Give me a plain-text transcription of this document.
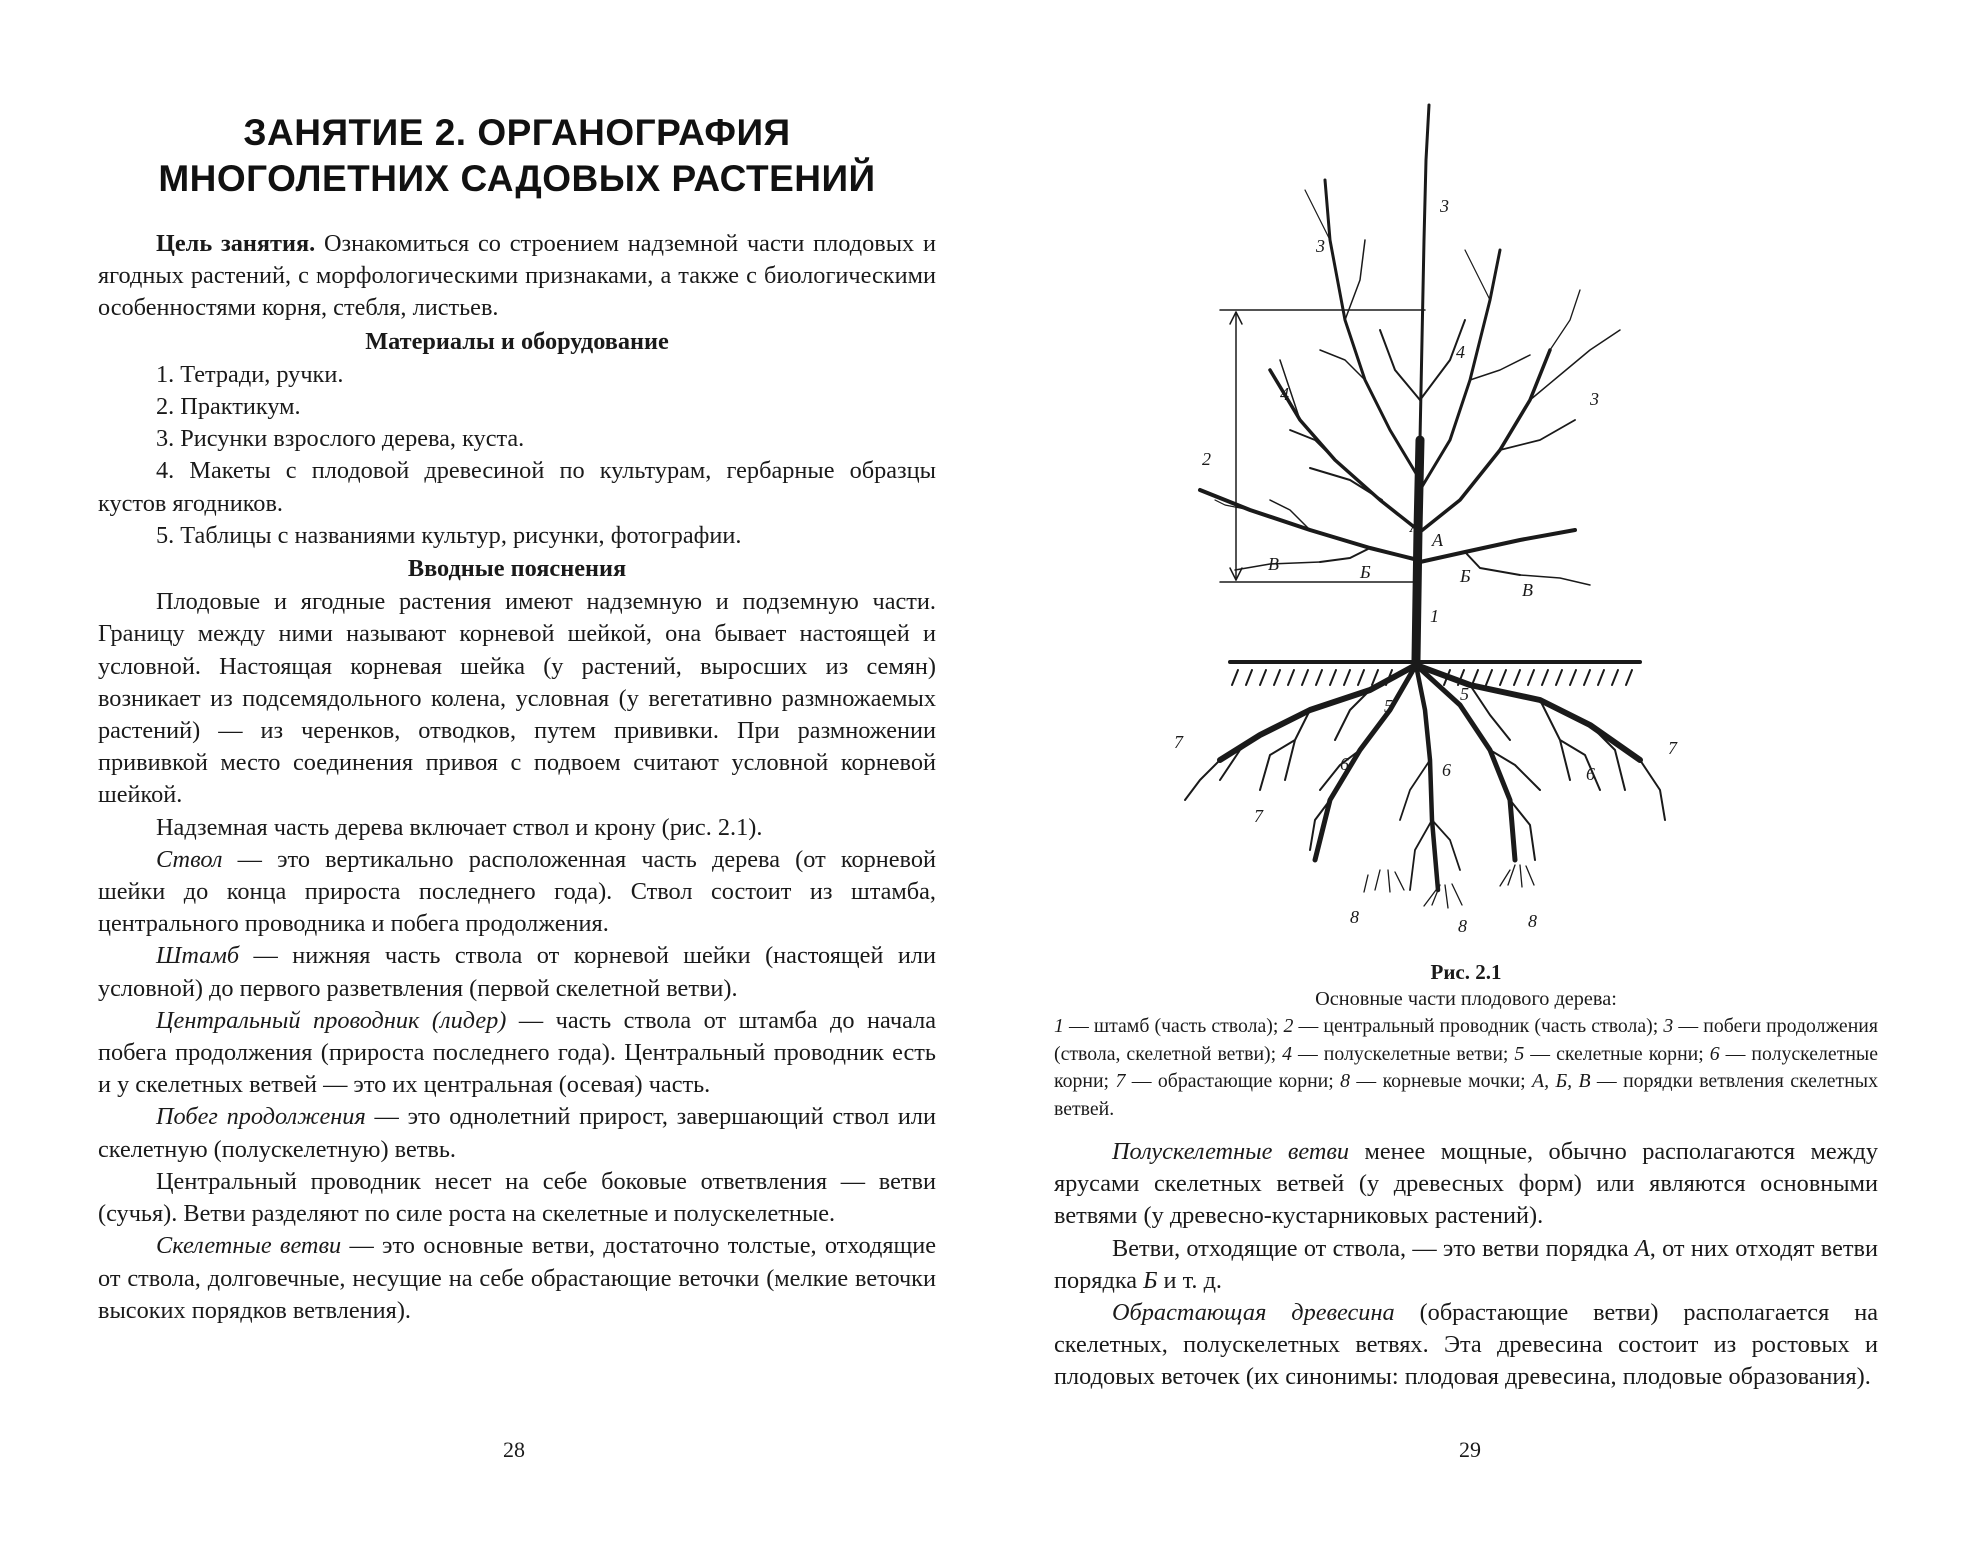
ЗАНЯТИЕ 2. ОРГАНОГРАФИЯ
МНОГОЛЕТНИХ САДОВЫХ РАСТЕНИЙ

Цель занятия. Ознакомиться со строением надземной части плодовых и ягодных растений, с морфологическими признаками, а также с биологическими особенностями корня, стебля, листьев.

Материалы и оборудование
1. Тетради, ручки.
2. Практикум.
3. Рисунки взрослого дерева, куста.
4. Макеты с плодовой древесиной по культурам, гербарные образцы кустов ягодников.
5. Таблицы с названиями культур, рисунки, фотографии.
Вводные пояснения

Плодовые и ягодные растения имеют надземную и подземную части. Границу между ними называют корневой шейкой, она бывает настоящей и условной. Настоящая корневая шейка (у растений, выросших из семян) возникает из подсемядольного колена, условная (у вегетативно размножаемых растений) — из черенков, отводков, путем прививки. При размножении прививкой место соединения привоя с подвоем считают условной корневой шейкой.

Надземная часть дерева включает ствол и крону (рис. 2.1).

Ствол — это вертикально расположенная часть дерева (от корневой шейки до конца прироста последнего года). Ствол состоит из штамба, центрального проводника и побега продолжения.

Штамб — нижняя часть ствола от корневой шейки (настоящей или условной) до первого разветвления (первой скелетной ветви).

Центральный проводник (лидер) — часть ствола от штамба до начала побега продолжения (прироста последнего года). Центральный проводник есть и у скелетных ветвей — это их центральная (осевая) часть.

Побег продолжения — это однолетний прирост, завершающий ствол или скелетную (полускелетную) ветвь.

Центральный проводник несет на себе боковые ответвления — ветви (сучья). Ветви разделяют по силе роста на скелетные и полускелетные.

Скелетные ветви — это основные ветви, достаточно толстые, отходящие от ствола, долговечные, несущие на себе обрастающие веточки (мелкие веточки высоких порядков ветвления).

28
3
3
3
4
4
2
А
А
Б	Б
В
В
1
5
5
6	6	6
7
7
7
8	8	8
Рис. 2.1
Основные части плодового дерева:
1 — штамб (часть ствола); 2 — центральный проводник (часть ствола); 3 — побеги продолжения (ствола, скелетной ветви); 4 — полускелетные ветви; 5 — скелетные корни; 6 — полускелетные корни; 7 — обрастающие корни; 8 — корневые мочки; А, Б, В — порядки ветвления скелетных ветвей.

Полускелетные ветви менее мощные, обычно располагаются между ярусами скелетных ветвей (у древесных форм) или являются основными ветвями (у древесно-кустарниковых растений).

Ветви, отходящие от ствола, — это ветви порядка А, от них отходят ветви порядка Б и т. д.

Обрастающая древесина (обрастающие ветви) располагается на скелетных, полускелетных ветвях. Эта древесина состоит из ростовых и плодовых веточек (их синонимы: плодовая древесина, плодовые образования).

29
